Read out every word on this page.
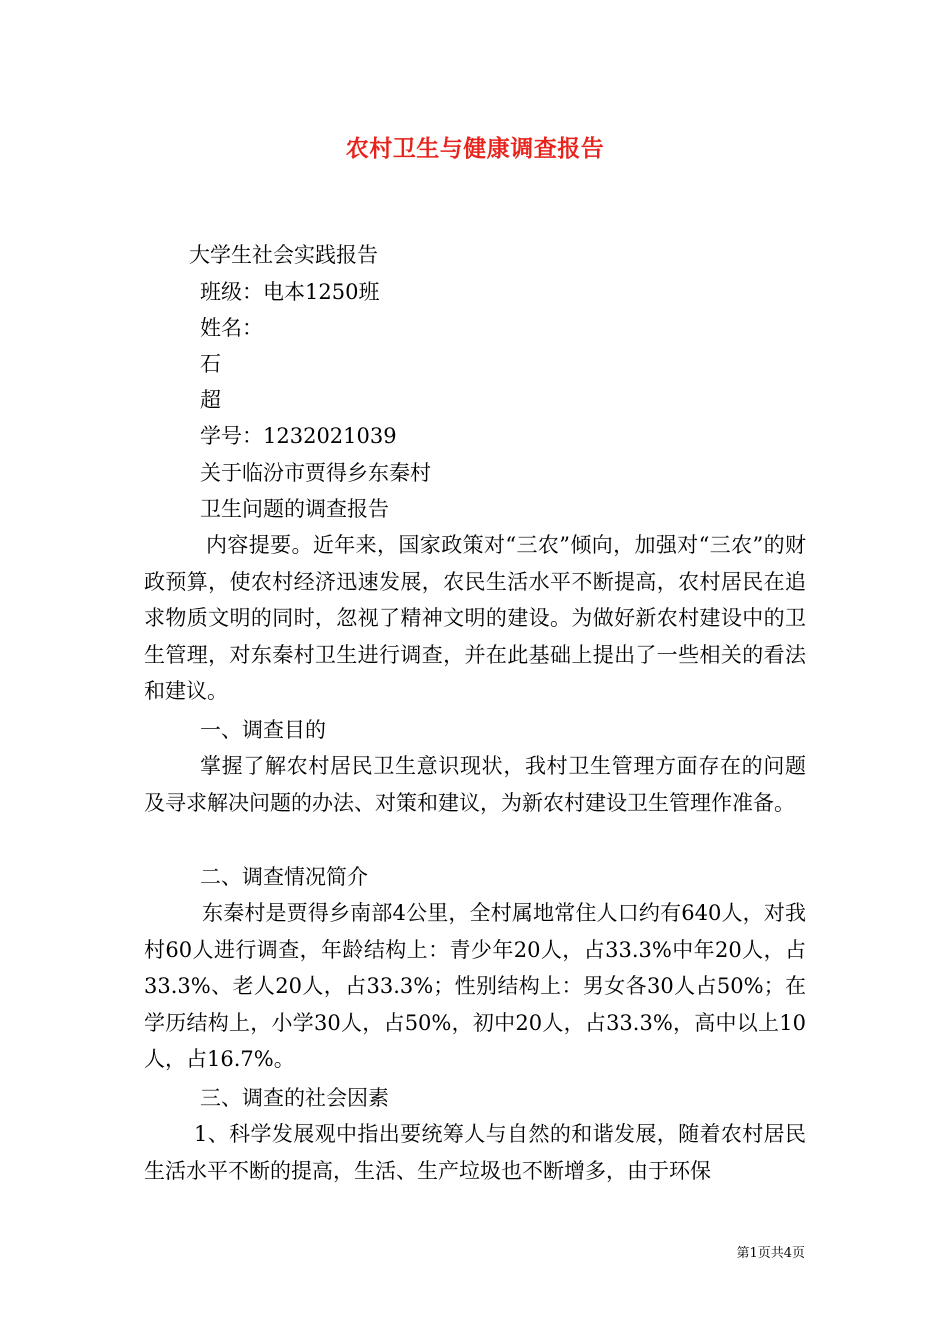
农村卫生与健康调查报告
大学生社会实践报告
班级：电本1250班
姓名：
石
超
学号：1232021039
关于临汾市贾得乡东秦村
卫生问题的调查报告
内容提要。近年来，国家政策对“三农”倾向，加强对“三农”的财政预算，使农村经济迅速发展，农民生活水平不断提高，农村居民在追求物质文明的同时，忽视了精神文明的建设。为做好新农村建设中的卫生管理，对东秦村卫生进行调查，并在此基础上提出了一些相关的看法和建议。
一、调查目的
掌握了解农村居民卫生意识现状，我村卫生管理方面存在的问题及寻求解决问题的办法、对策和建议，为新农村建设卫生管理作准备。
二、调查情况简介
东秦村是贾得乡南部4公里，全村属地常住人口约有640人，对我村60人进行调查，年龄结构上：青少年20人，占33.3%中年20人，占33.3%、老人20人，占33.3%；性别结构上：男女各30人占50%；在学历结构上，小学30人，占50%，初中20人，占33.3%，高中以上10人，占16.7%。
三、调查的社会因素
1、科学发展观中指出要统筹人与自然的和谐发展，随着农村居民生活水平不断的提高，生活、生产垃圾也不断增多，由于环保
第1页共4页
